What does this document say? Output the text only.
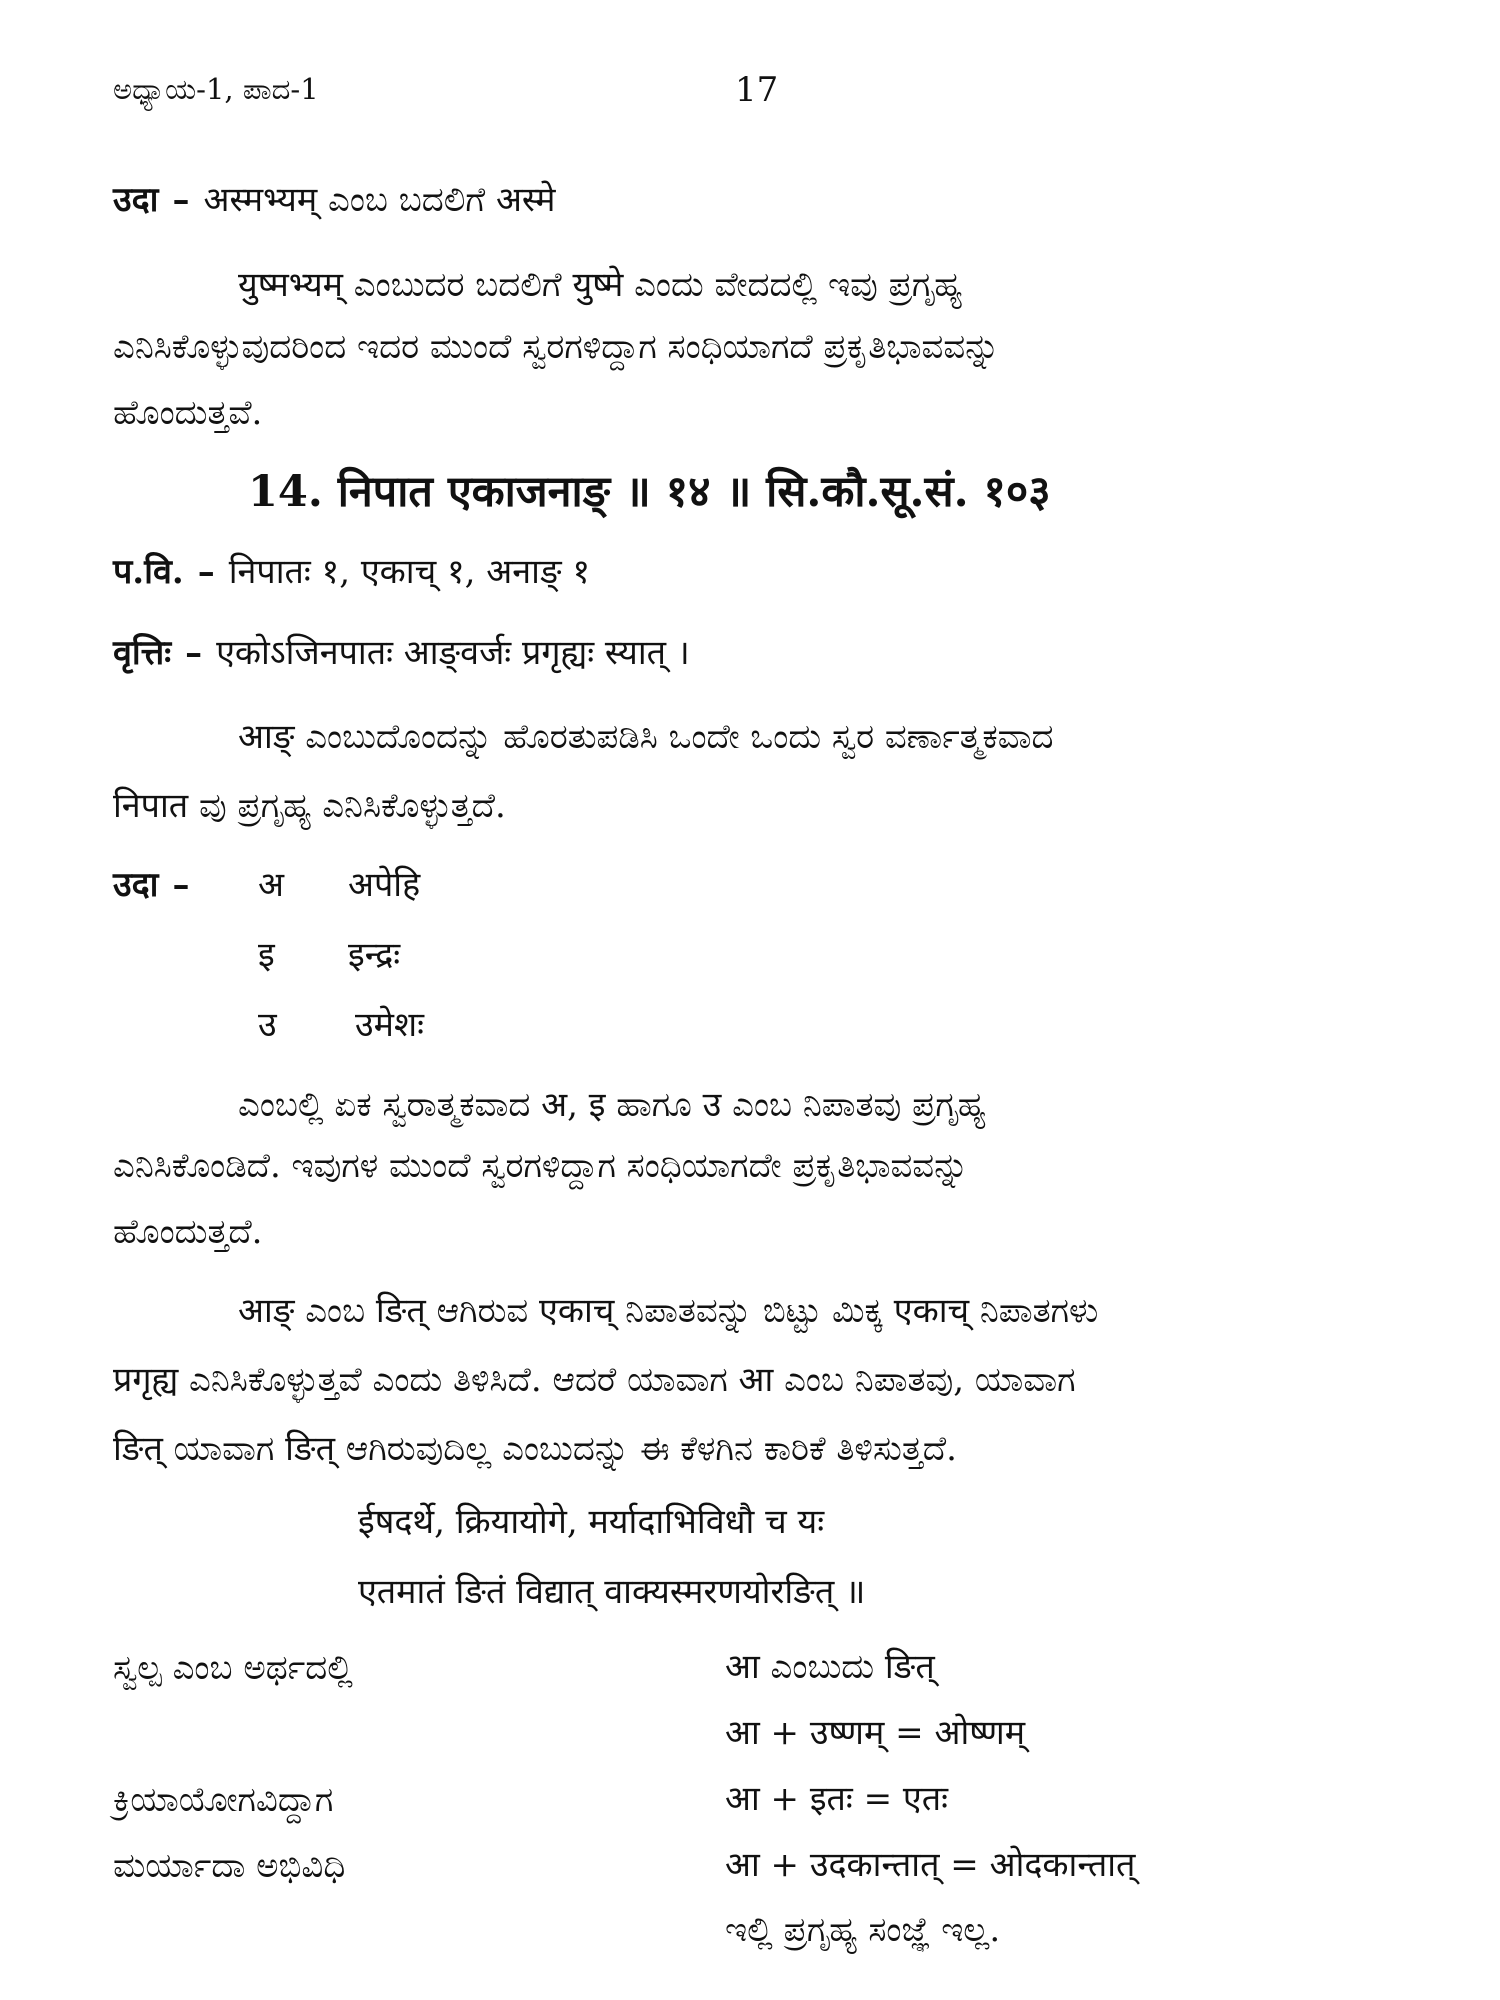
ಅಧ್ಯಾಯ-1, ಪಾದ-1	17
उदा – अस्मभ्यम् ಎಂಬ ಬದಲಿಗೆ अस्मे
युष्मभ्यम् ಎಂಬುದರ ಬದಲಿಗೆ युष्मे ಎಂದು ವೇದದಲ್ಲಿ ಇವು ಪ್ರಗೃಹ್ಯ
ಎನಿಸಿಕೊಳ್ಳುವುದರಿಂದ ಇದರ ಮುಂದೆ ಸ್ವರಗಳಿದ್ದಾಗ ಸಂಧಿಯಾಗದೆ ಪ್ರಕೃತಿಭಾವವನ್ನು
ಹೊಂದುತ್ತವೆ.
14. निपात एकाजनाङ् ॥ १४ ॥ सि.कौ.सू.सं. १०३
प.वि. – निपातः १, एकाच् १, अनाङ् १
वृत्तिः – एकोऽजिनपातः आङ्वर्जः प्रगृह्यः स्यात् ।
आङ् ಎಂಬುದೊಂದನ್ನು ಹೊರತುಪಡಿಸಿ ಒಂದೇ ಒಂದು ಸ್ವರ ವರ್ಣಾತ್ಮಕವಾದ
निपात ವು ಪ್ರಗೃಹ್ಯ ಎನಿಸಿಕೊಳ್ಳುತ್ತದೆ.
उदा –	अ अपेहि
इ इन्द्रः
उ उमेशः
ಎಂಬಲ್ಲಿ ಏಕ ಸ್ವರಾತ್ಮಕವಾದ अ, इ ಹಾಗೂ उ ಎಂಬ ನಿಪಾತವು ಪ್ರಗೃಹ್ಯ
ಎನಿಸಿಕೊಂಡಿದೆ. ಇವುಗಳ ಮುಂದೆ ಸ್ವರಗಳಿದ್ದಾಗ ಸಂಧಿಯಾಗದೇ ಪ್ರಕೃತಿಭಾವವನ್ನು
ಹೊಂದುತ್ತದೆ.
आङ् ಎಂಬ ङित् ಆಗಿರುವ एकाच् ನಿಪಾತವನ್ನು ಬಿಟ್ಟು ಮಿಕ್ಕ एकाच् ನಿಪಾತಗಳು
प्रगृह्य ಎನಿಸಿಕೊಳ್ಳುತ್ತವೆ ಎಂದು ತಿಳಿಸಿದೆ. ಆದರೆ ಯಾವಾಗ आ ಎಂಬ ನಿಪಾತವು, ಯಾವಾಗ
ङित् ಯಾವಾಗ ङित् ಆಗಿರುವುದಿಲ್ಲ ಎಂಬುದನ್ನು ಈ ಕೆಳಗಿನ ಕಾರಿಕೆ ತಿಳಿಸುತ್ತದೆ.
ईषदर्थे, क्रियायोगे, मर्यादाभिविधौ च यः
एतमातं ङितं विद्यात् वाक्यस्मरणयोरङित् ॥
ಸ್ವಲ್ಪ ಎಂಬ ಅರ್ಥದಲ್ಲಿ
ಕ್ರಿಯಾಯೋಗವಿದ್ದಾಗ
ಮರ್ಯಾದಾ ಅಭಿವಿಧಿ
आ ಎಂಬುದು ङित्
आ + उष्णम् = ओष्णम्
आ + इतः = एतः
आ + उदकान्तात् = ओदकान्तात्
ಇಲ್ಲಿ ಪ್ರಗೃಹ್ಯ ಸಂಜ್ಞೆ ಇಲ್ಲ.
